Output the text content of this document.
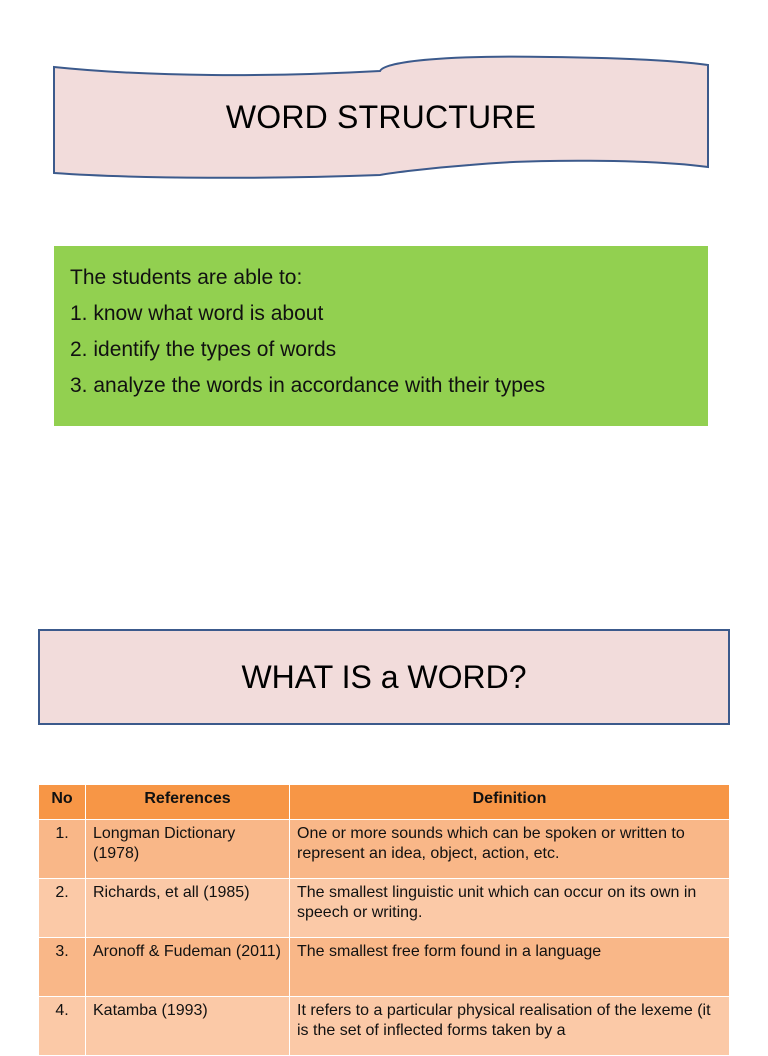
WORD STRUCTURE
The students are able to:
1. know what word is about
2. identify the types of words
3. analyze the words in accordance with their types
WHAT IS a WORD?
No	References	Definition
1.	Longman Dictionary (1978)	One or more sounds which can be spoken or written to represent an idea, object, action, etc.
2.	Richards, et all (1985)	The smallest linguistic unit which can occur on its own in speech or writing.
3.	Aronoff & Fudeman (2011)	The smallest free form found in a language
4.	Katamba (1993)	It refers to a particular physical realisation of the lexeme (it is the set of inflected forms taken by a
